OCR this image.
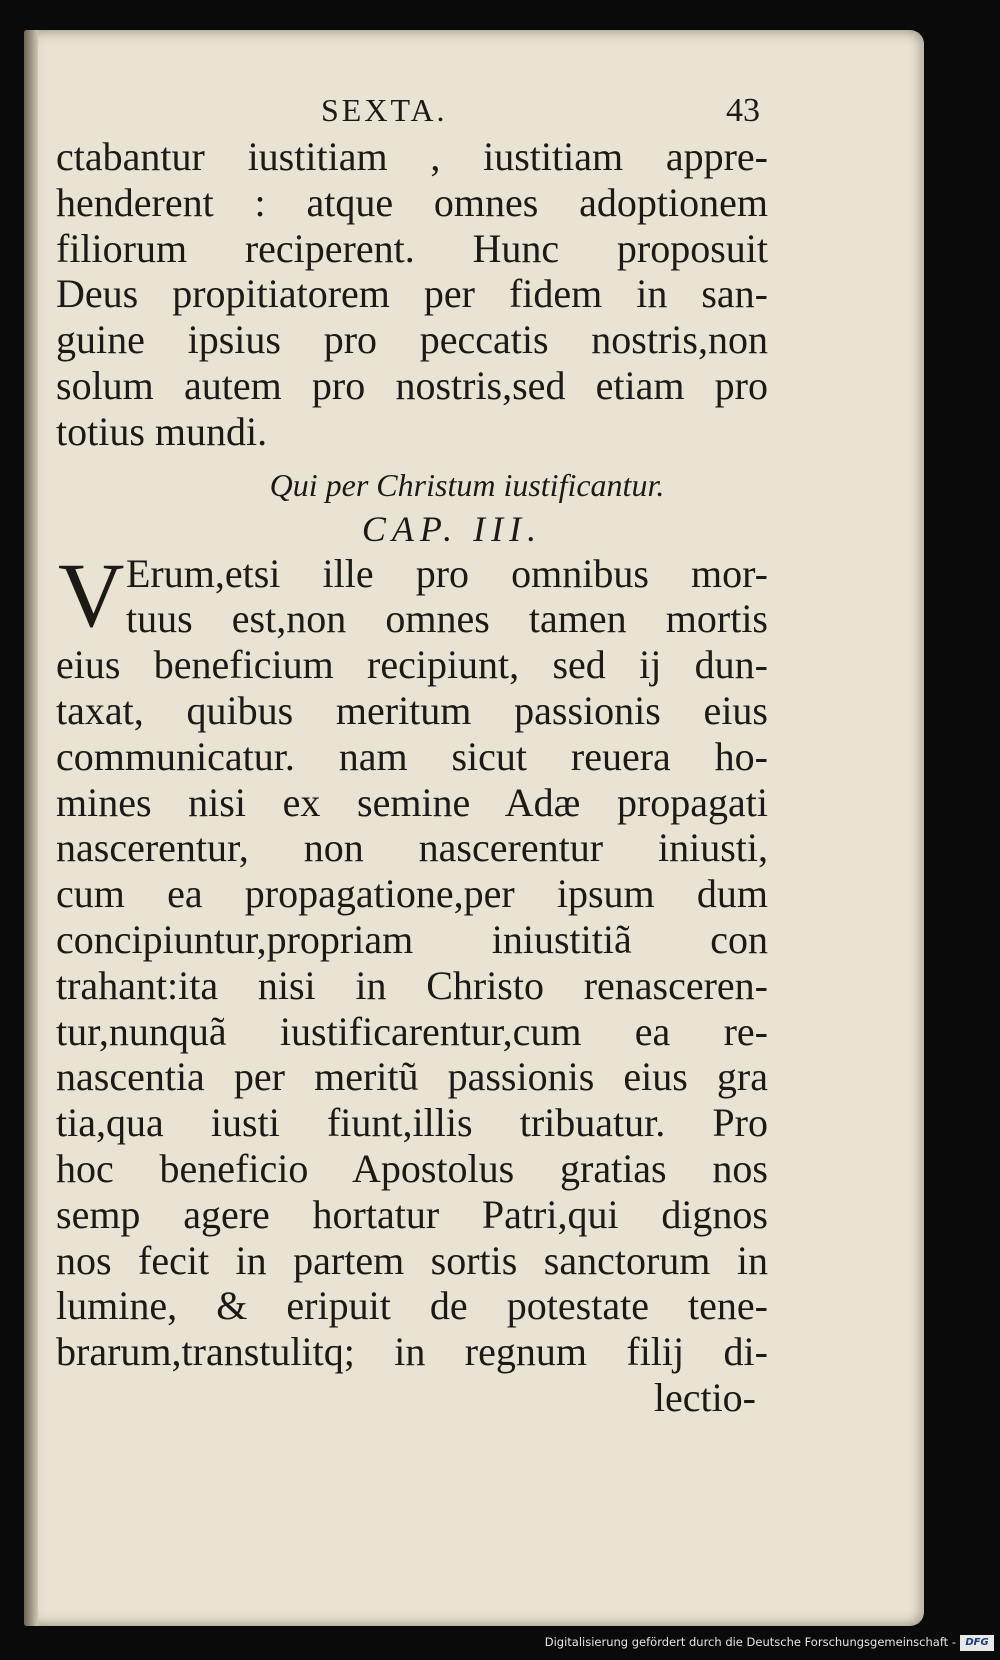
SEXTA.	43
ctabantur iustitiam , iustitiam appre-
henderent : atque omnes adoptionem
filiorum reciperent. Hunc proposuit
Deus propitiatorem per fidem in san-
guine ipsius pro peccatis nostris,non
solum autem pro nostris,sed etiam pro
totius mundi.
Qui per Christum iustificantur.
CAP. III.
V Erum,etsi ille pro omnibus mor-
tuus est,non omnes tamen mortis
eius beneficium recipiunt, sed ij dun-
taxat, quibus meritum passionis eius
communicatur. nam sicut reuera ho-
mines nisi ex semine Adæ propagati
nascerentur, non nascerentur iniusti,
cum ea propagatione,per ipsum dum
concipiuntur,propriam iniustitiã con
trahant:ita nisi in Christo renasceren-
tur,nunquã iustificarentur,cum ea re-
nascentia per meritũ passionis eius gra
tia,qua iusti fiunt,illis tribuatur. Pro
hoc beneficio Apostolus gratias nos
semp agere hortatur Patri,qui dignos
nos fecit in partem sortis sanctorum in
lumine, & eripuit de potestate tene-
brarum,transtulitq; in regnum filij di-
lectio-
Digitalisierung gefördert durch die Deutsche Forschungsgemeinschaft - DFG
